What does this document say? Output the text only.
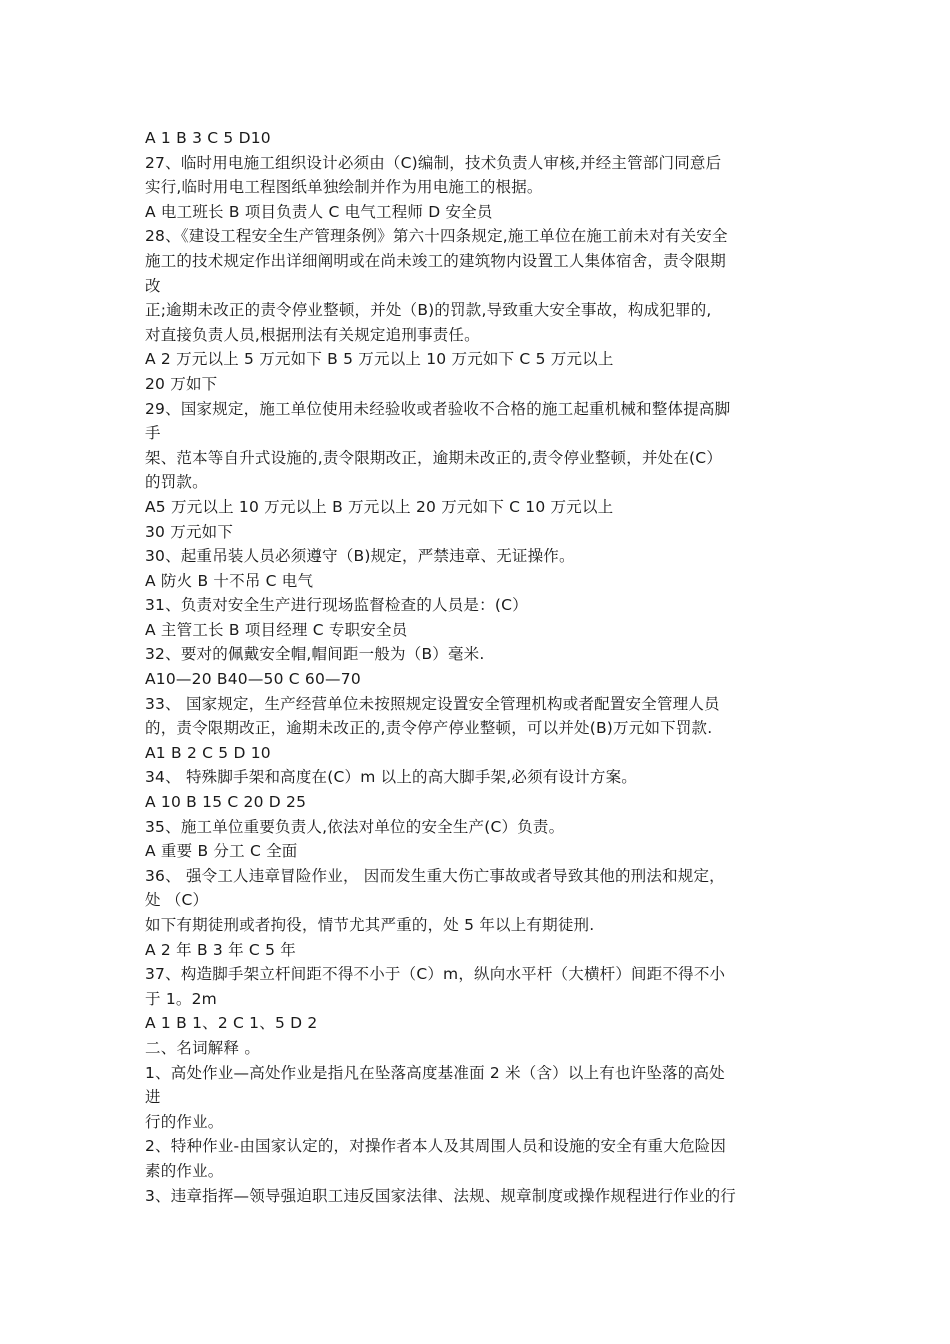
A 1 B 3 C 5 D10
27、临时用电施工组织设计必须由（C)编制，技术负责人审核,并经主管部门同意后
实行,临时用电工程图纸单独绘制并作为用电施工的根据。
A 电工班长 B 项目负责人 C 电气工程师 D 安全员
28、《建设工程安全生产管理条例》第六十四条规定,施工单位在施工前未对有关安全
施工的技术规定作出详细阐明或在尚未竣工的建筑物内设置工人集体宿舍，责令限期
改
正;逾期未改正的责令停业整顿，并处（B)的罚款,导致重大安全事故，构成犯罪的,
对直接负责人员,根据刑法有关规定追刑事责任。
A 2 万元以上 5 万元如下 B 5 万元以上 10 万元如下 C 5 万元以上
20 万如下
29、国家规定，施工单位使用未经验收或者验收不合格的施工起重机械和整体提高脚
手
架、范本等自升式设施的,责令限期改正，逾期未改正的,责令停业整顿，并处在(C）
的罚款。
A5 万元以上 10 万元以上 B 万元以上 20 万元如下 C 10 万元以上
30 万元如下
30、起重吊装人员必须遵守（B)规定，严禁违章、无证操作。
A 防火 B 十不吊 C 电气
31、负责对安全生产进行现场监督检查的人员是：(C）
A 主管工长 B 项目经理 C 专职安全员
32、要对的佩戴安全帽,帽间距一般为（B）毫米.
A10—20 B40—50 C 60—70
33、 国家规定，生产经营单位未按照规定设置安全管理机构或者配置安全管理人员
的，责令限期改正，逾期未改正的,责令停产停业整顿，可以并处(B)万元如下罚款.
A1 B 2 C 5 D 10
34、 特殊脚手架和高度在(C）m 以上的高大脚手架,必须有设计方案。
A 10 B 15 C 20 D 25
35、施工单位重要负责人,依法对单位的安全生产(C）负责。
A 重要 B 分工 C 全面
36、 强令工人违章冒险作业， 因而发生重大伤亡事故或者导致其他的刑法和规定，
处 （C）
如下有期徒刑或者拘役，情节尤其严重的，处 5 年以上有期徒刑.
A 2 年 B 3 年 C 5 年
37、构造脚手架立杆间距不得不小于（C）m，纵向水平杆（大横杆）间距不得不小
于 1。2m
A 1 B 1、2 C 1、5 D 2
二、名词解释 。
1、高处作业—高处作业是指凡在坠落高度基准面 2 米（含）以上有也许坠落的高处
进
行的作业。
2、特种作业-由国家认定的，对操作者本人及其周围人员和设施的安全有重大危险因
素的作业。
3、违章指挥—领导强迫职工违反国家法律、法规、规章制度或操作规程进行作业的行
